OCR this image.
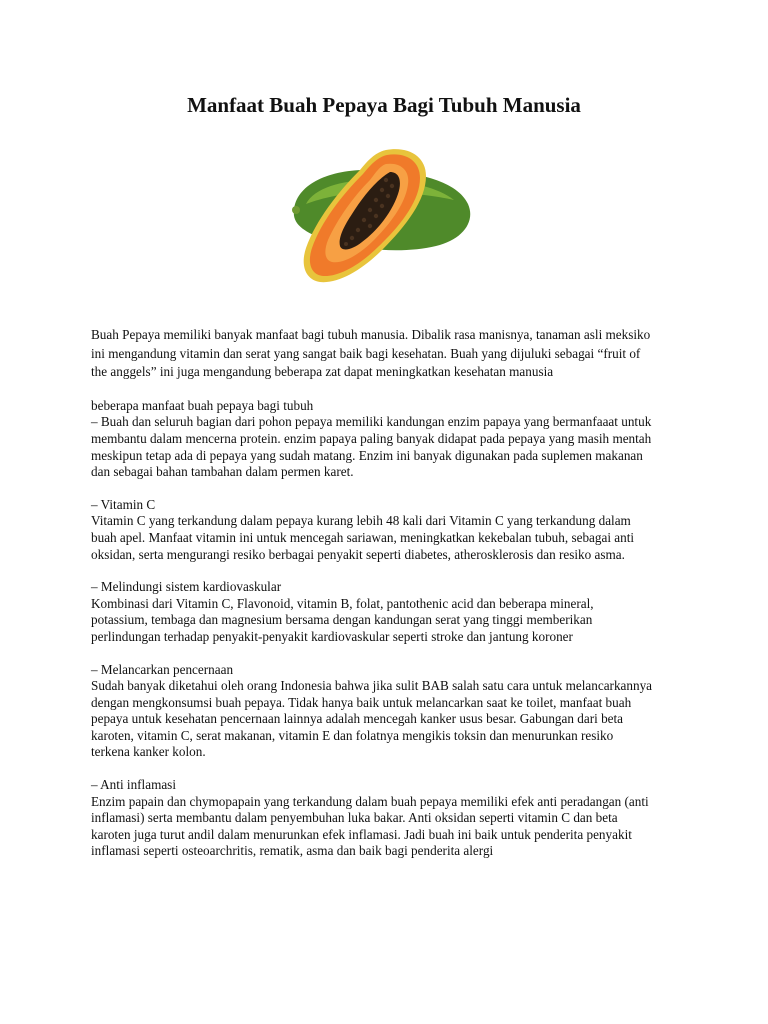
Manfaat Buah Pepaya Bagi Tubuh Manusia

Buah Pepaya memiliki banyak manfaat bagi tubuh manusia. Dibalik rasa manisnya, tanaman asli meksiko

ini mengandung vitamin dan serat yang sangat baik bagi kesehatan. Buah yang dijuluki sebagai “fruit of

the anggels” ini juga mengandung beberapa zat dapat meningkatkan kesehatan manusia

beberapa manfaat buah pepaya bagi tubuh

– Buah dan seluruh bagian dari pohon pepaya memiliki kandungan enzim papaya yang bermanfaaat untuk

membantu dalam mencerna protein. enzim papaya paling banyak didapat pada pepaya yang masih mentah

meskipun tetap ada di pepaya yang sudah matang. Enzim ini banyak digunakan pada suplemen makanan

dan sebagai bahan tambahan dalam permen karet.

– Vitamin C

Vitamin C yang terkandung dalam pepaya kurang lebih 48 kali dari Vitamin C yang terkandung dalam

buah apel. Manfaat vitamin ini untuk mencegah sariawan, meningkatkan kekebalan tubuh, sebagai anti

oksidan, serta mengurangi resiko berbagai penyakit seperti diabetes, atherosklerosis dan resiko asma.

– Melindungi sistem kardiovaskular

Kombinasi dari Vitamin C, Flavonoid, vitamin B, folat, pantothenic acid dan beberapa mineral,

potassium, tembaga dan magnesium bersama dengan kandungan serat yang tinggi memberikan

perlindungan terhadap penyakit-penyakit kardiovaskular seperti stroke dan jantung koroner

– Melancarkan pencernaan

Sudah banyak diketahui oleh orang Indonesia bahwa jika sulit BAB salah satu cara untuk melancarkannya

dengan mengkonsumsi buah pepaya. Tidak hanya baik untuk melancarkan saat ke toilet, manfaat buah

pepaya untuk kesehatan pencernaan lainnya adalah mencegah kanker usus besar. Gabungan dari beta

karoten, vitamin C, serat makanan, vitamin E dan folatnya mengikis toksin dan menurunkan resiko

terkena kanker kolon.

– Anti inflamasi

Enzim papain dan chymopapain yang terkandung dalam buah pepaya memiliki efek anti peradangan (anti

inflamasi) serta membantu dalam penyembuhan luka bakar. Anti oksidan seperti vitamin C dan beta

karoten juga turut andil dalam menurunkan efek inflamasi. Jadi buah ini baik untuk penderita penyakit

inflamasi seperti osteoarchritis, rematik, asma dan baik bagi penderita alergi
